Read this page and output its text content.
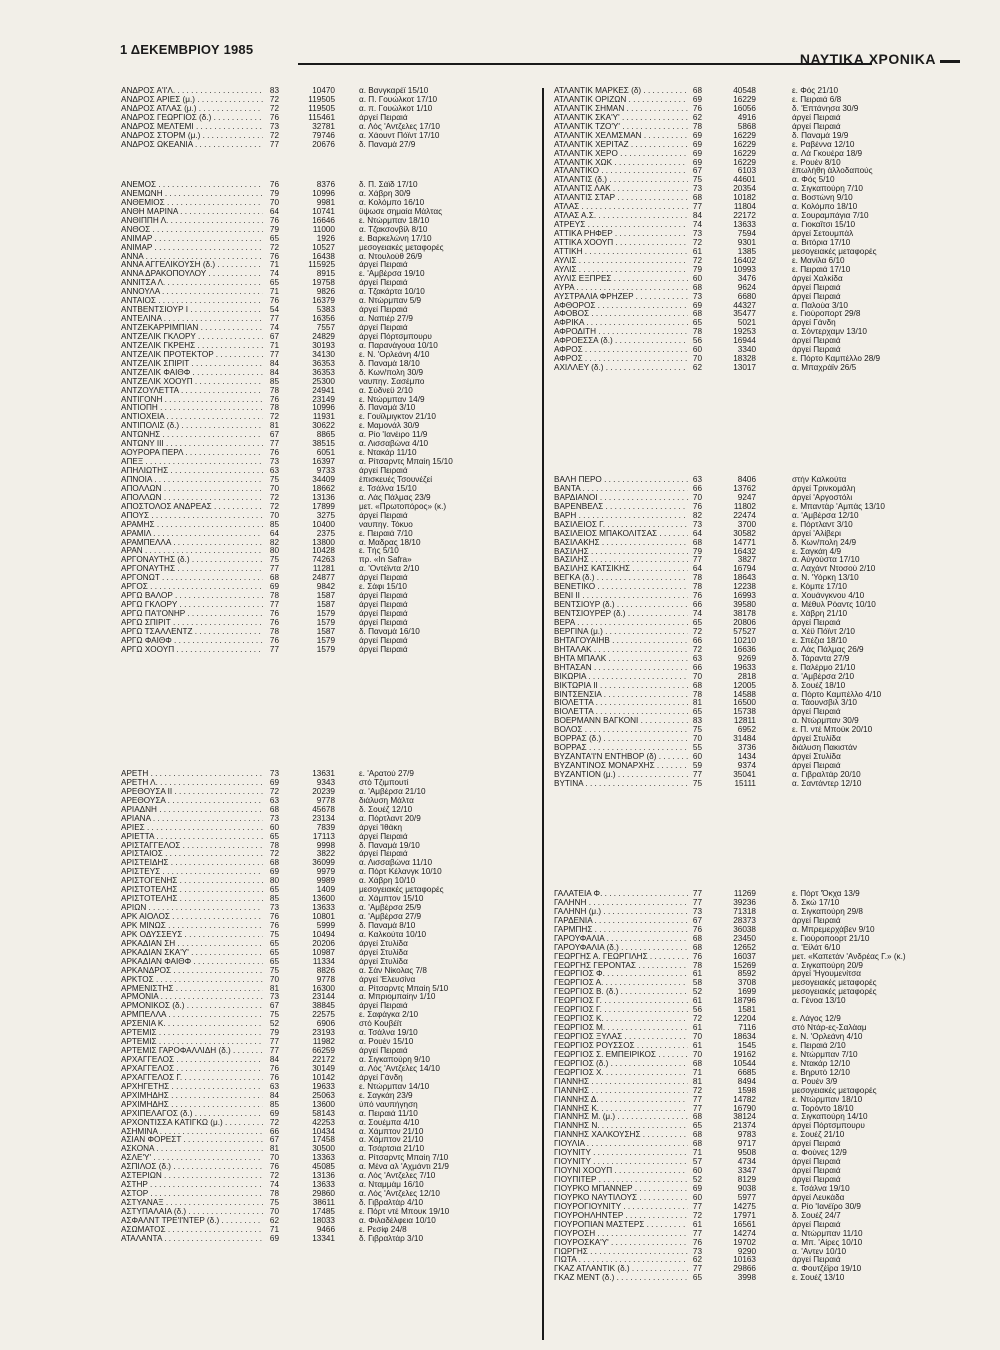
1 ΔΕΚΕΜΒΡΙΟΥ 1985
ΝΑΥΤΙΚΑ ΧΡΟΝΙΚΑ
ΑΝΔΡΟΣ Α'Ι'Λ. . . .	83	10470	α. Βανγκαρέϊ 15/10
ΑΝΔΡΟΣ ΑΡΙΕΣ (μ.) . . .	72	119505	α. Π. Γουώλκοτ 17/10
ΑΝΔΡΟΣ ΑΤΛΑΣ (μ.) . . .	72	119505	α. π. Γουώλκοτ 1/10
ΑΝΔΡΟΣ ΓΕΩΡΓΙΟΣ (δ.) . . .	76	115461	άργεί Πειραιά
ΑΝΔΡΟΣ ΜΕΛΤΕΜΙ . . .	73	32781	α. Λός 'Αντζελες 17/10
ΑΝΔΡΟΣ ΣΤΟΡΜ (μ.) . . .	72	79746	α. Χάουντ Πόϊντ 17/10
ΑΝΔΡΟΣ ΩΚΕΑΝΙΑ . . .	77	20676	δ. Παναμά 27/9
ΑΝΕΜΟΣ . . .	76	8376	δ. Π. Σάϊδ 17/10
ΑΝΕΜΩΝΗ . . .	79	10996	α. Χάβρη 30/9
ΑΝΘΕΜΙΟΣ . . .	70	9981	α. Κολόμπο 16/10
ΑΝΘΗ ΜΑΡΙΝΑ . . .	64	10741	ϋψωσε σημαία Μάλτας
ΑΝΘΙΠΠΗ Λ. . . .	76	16646	ε. Ντώρμπαν 18/10
ΑΝΘΟΣ . . .	79	11000	α. Τζακσονβίλ 8/10
ΑΝΙΜΑΡ . . .	65	1926	ε. Βαρκελώνη 17/10
ΑΝΙΜΑΡ . . .	72	10527	μεσογειακές μεταφορές
ΑΝΝΑ . . .	76	16438	α. Ντουλούθ 26/9
ΑΝΝΑ ΑΓΓΕΛΙΚΟΥΣΗ (δ.) . . .	71	115925	άργεί Πειραιά
ΑΝΝΑ ΔΡΑΚΟΠΟΥΛΟΥ . . .	74	8915	ε. 'Αμβέρσα 19/10
ΑΝΝΙΤΣΑ Λ. . . .	65	19758	άργεί Πειραιά
ΑΝΝΟΥΛΑ . . .	71	9826	α. Τζακάρτα 10/10
ΑΝΤΑΙΟΣ . . .	76	16379	α. Ντώρμπαν 5/9
ΑΝΤΒΕΝΤΣΙΟΥΡ Ι . . .	54	5383	άργεί Πειραιά
ΑΝΤΕΛΙΝΑ . . .	77	16356	α. Ναπιέρ 27/9
ΑΝΤΖΕΚΑΡΡΙΜΠΙΑΝ . . .	74	7557	άργεί Πειραιά
ΑΝΤΖΕΛΙΚ ΓΚΛΟΡΥ . . .	67	24829	άργεί Πόρτσμπουρυ
ΑΝΤΖΕΛΙΚ ΓΚΡΕΗΣ . . .	71	30193	α. Παρανάγουα 10/10
ΑΝΤΖΕΛΙΚ ΠΡΟΤΕΚΤΟΡ . . .	77	34130	ε. Ν. 'Ορλεάνη 4/10
ΑΝΤΖΕΛΙΚ ΣΠΙΡΙΤ . . .	84	36353	δ. Παναμά 18/10
ΑΝΤΖΕΛΙΚ ΦΑΙΘΦ . . .	84	36353	δ. Κων/πολη 30/9
ΑΝΤΖΕΛΙΚ ΧΟΟΥΠ . . .	85	25300	ναυπηγ. Σασέμπο
ΑΝΤΖΟΥΛΕΤΤΑ . . .	78	24941	α. Σύδνεϋ 2/10
ΑΝΤΙΓΟΝΗ . . .	76	23149	ε. Ντώρμπαν 14/9
ΑΝΤΙΟΠΗ . . .	78	10996	δ. Παναμά 3/10
ΑΝΤΙΟΧΕΙΑ . . .	72	11931	ε. Γουϊλμιγκτον 21/10
ΑΝΤΙΠΟΛΙΣ (δ.) . . .	81	30622	ε. Μαμονάλ 30/9
ΑΝΤΩΝΗΣ . . .	67	8865	α. Ρίο 'Ιανέιρο 11/9
ΑΝΤΩΝΥ ΙΙΙ . . .	77	38515	α. Λισσαβώνα 4/10
ΑΟΥΡΟΡΑ ΠΕΡΛ . . .	76	6051	ε. Ντακάρ 11/10
ΑΠΕΞ . . .	73	16397	α. Ρίτσαρντς Μπαίη 15/10
ΑΠΗΛΙΩΤΗΣ . . .	63	9733	άργεί Πειραιά
ΑΠΝΟΙΑ . . .	75	34409	έπισκευές Τσουνέζεί
ΑΠΟΛΛΩΝ . . .	70	18662	ε. Τσάλνα 15/10
ΑΠΟΛΛΩΝ . . .	72	13136	α. Λάς Πάλμας 23/9
ΑΠΟΣΤΟΛΟΣ ΑΝΔΡΕΑΣ . . .	72	17899	μετ. «Πρωτοπόρος» (κ.)
ΑΠΟΥΣ . . .	70	3275	άργεί Πειραιά
ΑΡΑΜΗΣ . . .	85	10400	ναυπηγ. Τόκυο
ΑΡΑΜΙΛ . . .	64	2375	ε. Πειραιά 7/10
ΑΡΑΜΠΕΛΛΑ . . .	82	13800	α. Μαδρας 18/10
ΑΡΑΝ . . .	80	10428	ε. Τής 5/10
ΑΡΓΟΝΑΥΤΗΣ (δ.) . . .	75	74263	πρ. «In Safra»
ΑΡΓΟΝΑΥΤΗΣ . . .	77	11281	α. 'Οντέϊντα 2/10
ΑΡΓΟΝΩΤ . . .	68	24877	άργεί Πειραιά
ΑΡΓΟΣ . . .	69	9842	ε. Σάφι 15/10
ΑΡΓΩ ΒΑΛΟΡ . . .	78	1587	άργεί Πειραιά
ΑΡΓΩ ΓΚΛΟΡΥ . . .	77	1587	άργεί Πειραιά
ΑΡΓΩ ΠΑ'Ι'ΟΝΗΡ . . .	76	1579	άργεί Πειραιά
ΑΡΓΩ ΣΠΙΡΙΤ . . .	76	1579	άργεί Πειραιά
ΑΡΓΩ ΤΣΑΛΛΕΝΤΖ . . .	78	1587	δ. Παναμά 16/10
ΑΡΓΩ ΦΑΙΘΦ . . .	76	1579	άργεί Πειραιά
ΑΡΓΩ ΧΟΟΥΠ . . .	77	1579	άργεί Πειραιά
ΑΡΕΤΗ . . .	73	13631	ε. 'Αρατού 27/9
ΑΡΕΤΗ Λ. . . .	69	9343	στό Τζιμπουτί
ΑΡΕΘΟΥΣΑ ΙΙ . . .	72	20239	α. 'Αμβέρσα 21/10
ΑΡΕΘΟΥΣΑ . . .	63	9778	διάλυση Μάλτα
ΑΡΙΑΔΝΗ . . .	68	45678	δ. Σουέζ 12/10
ΑΡΙΑΝΑ . . .	73	23134	α. Πόρτλαντ 20/9
ΑΡΙΕΣ . . .	60	7839	άργεί 'Ιθάκη
ΑΡΙΕΤΤΑ . . .	65	17113	άργεί Πειραιά
ΑΡΙΣΤΑΓΓΕΛΟΣ . . .	78	9998	δ. Παναμά 19/10
ΑΡΙΣΤΑΙΟΣ . . .	72	3822	άργεί Πειραιά
ΑΡΙΣΤΕΙΔΗΣ . . .	68	36099	α. Λισσαβώνα 11/10
ΑΡΙΣΤΕΥΣ . . .	69	9979	α. Πόρτ Κέλανγκ 10/10
ΑΡΙΣΤΟΓΕΝΗΣ . . .	80	9989	α. Χάβρη 10/10
ΑΡΙΣΤΟΤΕΛΗΣ . . .	65	1409	μεσογειακές μεταφορές
ΑΡΙΣΤΟΤΕΛΗΣ . . .	85	13600	α. Χάμπτον 15/10
ΑΡΙΩΝ . . .	73	13633	α. 'Αμβέρσα 25/9
ΑΡΚ ΑΙΟΛΟΣ . . .	76	10801	α. 'Αμβέρσα 27/9
ΑΡΚ ΜΙΝΩΣ . . .	76	5999	δ. Παναμά 8/10
ΑΡΚ ΟΔΥΣΣΕΥΣ . . .	75	10494	α. Καλκούτα 10/10
ΑΡΚΑΔΙΑΝ ΣΗ . . .	65	20206	άργεί Στυλίδα
ΑΡΚΑΔΙΑΝ ΣΚΑ'Υ' . . .	65	10987	άργεί Στυλίδα
ΑΡΚΑΔΙΑΝ ΦΑΙΘΦ . . .	65	11334	άργεί Στυλίδα
ΑΡΚΑΝΔΡΟΣ . . .	75	8826	α. Σάν Νίκολας 7/8
ΑΡΚΤΟΣ . . .	70	9778	άργεί 'Ελευσίνα
ΑΡΜΕΝΙΣΤΗΣ . . .	81	16300	α. Ρίτσαρντς Μπαίη 5/10
ΑΡΜΟΝΙΑ . . .	73	23144	α. Μπριομπαίην 1/10
ΑΡΜΟΝΙΚΟΣ (δ.) . . .	67	38845	άργεί Πειραιά
ΑΡΜΠΕΛΛΑ . . .	75	22575	ε. Σαφάγκα 2/10
ΑΡΣΕΝΙΑ Κ. . . .	52	6906	στό Κουβέϊτ
ΑΡΤΕΜΙΣ . . .	79	23193	α. Τσάλνα 19/10
ΑΡΤΕΜΙΣ . . .	77	11982	α. Ρουέν 15/10
ΑΡΤΕΜΙΣ ΓΑΡΟΦΑΛΛΙΔΗ (δ.) . . .	77	66259	άργεί Πειραιά
ΑΡΧΑΓΓΕΛΟΣ . . .	84	22172	α. Σιγκαπούρη 9/10
ΑΡΧΑΓΓΕΛΟΣ . . .	76	30149	α. Λός 'Αντζελες 14/10
ΑΡΧΑΓΓΕΛΟΣ Γ. . . .	76	10142	άργεί Γάνδη
ΑΡΧΗΓΕΤΗΣ . . .	63	19633	ε. Ντώρμπαν 14/10
ΑΡΧΙΜΗΔΗΣ . . .	84	25063	ε. Σαγκάη 23/9
ΑΡΧΙΜΗΔΗΣ . . .	85	13600	ύπό ναυπήγηση
ΑΡΧΙΠΕΛΑΓΟΣ (δ.) . . .	69	58143	α. Πειραιά 11/10
ΑΡΧΟΝΤΙΣΣΑ ΚΑΤΙΓΚΩ (μ.) . . .	72	42253	α. Σουέμπα 4/10
ΑΣΗΜΙΝΑ . . .	66	10434	α. Χάμπτον 21/10
ΑΣΙΑΝ ΦΟΡΕΣΤ . . .	67	17458	α. Χάμπτον 21/10
ΑΣΚΟΝΑ . . .	81	30500	α. Τσάρτσια 21/10
ΑΣΛΕ'Υ' . . .	70	13363	α. Ρίτσαρντς Μπαίη 7/10
ΑΣΠΙΛΟΣ (δ.) . . .	76	45085	α. Μένα αλ 'Αχμάντι 21/9
ΑΣΤΕΡΙΩΝ . . .	72	13136	α. Λός 'Αντζελες 7/10
ΑΣΤΗΡ . . .	74	13633	α. Νταμμάμ 16/10
ΑΣΤΟΡ . . .	78	29860	α. Λός 'Αντζελες 12/10
ΑΣΤΥΑΝΑΞ . . .	75	38611	δ. Γιβραλτάρ 4/10
ΑΣΤΥΠΑΛΑΙΑ (δ.) . . .	70	17485	ε. Πόρτ ντέ Μπουκ 19/10
ΑΣΦΑΛΝΤ ΤΡΕ'Ι'ΝΤΕΡ (δ.) . . .	62	18033	α. Φιλαδέλφεια 10/10
ΑΣΩΜΑΤΟΣ . . .	71	9466	ε. Ρεσίφ 24/8
ΑΤΑΛΑΝΤΑ . . .	69	13341	δ. Γιβραλτάρ 3/10
ΑΤΛΑΝΤΙΚ ΜΑΡΚΕΣ (δ) . . .	68	40548	ε. Φός 21/10
ΑΤΛΑΝΤΙΚ ΟΡΙΖΩΝ . . .	69	16229	ε. Πειραιά 6/8
ΑΤΛΑΝΤΙΚ ΣΗΜΑΝ . . .	76	16056	δ. 'Επτάνησα 30/9
ΑΤΛΑΝΤΙΚ ΣΚΑ'Υ' . . .	62	4916	άργεί Πειραιά
ΑΤΛΑΝΤΙΚ ΤΖΟ'Υ' . . .	78	5868	άργεί Πειραιά
ΑΤΛΑΝΤΙΚ ΧΕΛΜΣΜΑΝ . . .	69	16229	δ. Παναμά 19/9
ΑΤΛΑΝΤΙΚ ΧΕΡΙΤΑΖ . . .	69	16229	ε. Ραβέννα 12/10
ΑΤΛΑΝΤΙΚ ΧΕΡΟ . . .	69	16229	α. Λά Γκουέρα 18/9
ΑΤΛΑΝΤΙΚ ΧΩΚ . . .	69	16229	ε. Ρουέν 8/10
ΑΤΛΑΝΤΙΚΟ . . .	67	6103	έπωλήθη άλλοδαπούς
ΑΤΛΑΝΤΙΣ (δ.) . . .	75	44601	α. Φός 5/10
ΑΤΛΑΝΤΙΣ ΛΑΚ . . .	73	20354	α. Σιγκαπούρη 7/10
ΑΤΛΑΝΤΙΣ ΣΤΑΡ . . .	68	10182	α. Βοστώνη 9/10
ΑΤΛΑΣ . . .	77	11804	α. Κολόμπο 18/10
ΑΤΛΑΣ Α.Σ. . . .	84	22172	α. Σουραμπάγια 7/10
ΑΤΡΕΥΣ . . .	74	13633	α. Γιοκαΐτσι 15/10
ΑΤΤΙΚΑ ΡΗΦΕΡ . . .	73	7594	άργεί Σετουμπάλ
ΑΤΤΙΚΑ ΧΟΟΥΠ . . .	72	9301	α. Βιτόρια 17/10
ΑΤΤΙΚΗ . . .	61	1385	μεσογειακές μεταφορές
ΑΥΛΙΣ . . .	72	16402	ε. Μανίλα 6/10
ΑΥΛΙΣ . . .	79	10993	ε. Πειραιά 17/10
ΑΥΛΙΣ ΕΞΠΡΕΣ . . .	60	3476	άργεί Χαλκίδα
ΑΥΡΑ . . .	68	9624	άργεί Πειραιά
ΑΥΣΤΡΑΛΙΑ ΦΡΗΖΕΡ . . .	73	6680	άργεί Πειραιά
ΑΦΘΟΡΟΣ . . .	69	44327	α. Παλούα 3/10
ΑΦΟΒΟΣ . . .	68	35477	ε. Γιούροπορτ 29/8
ΑΦΡΙΚΑ . . .	65	5021	άργεί Γάνδη
ΑΦΡΟΔΙΤΗ . . .	78	19253	α. Σόντερχαμν 13/10
ΑΦΡΟΕΣΣΑ (δ.) . . .	56	16944	άργεί Πειραιά
ΑΦΡΟΣ . . .	60	3340	άργεί Πειραιά
ΑΦΡΟΣ . . .	70	18328	ε. Πόρτο Καμπέλλο 28/9
ΑΧΙΛΛΕΥ (δ.) . . .	62	13017	α. Μπαχράϊν 26/5
ΒΑΛΗ ΠΕΡΟ . . .	63	8406	στήν Καλκούτα
ΒΑΝΤΑ . . .	66	13762	άργεί Τρινκομάλη
ΒΑΡΔΙΑΝΟΙ . . .	70	9247	άργεί 'Αργοστόλι
ΒΑΡΕΝΒΕΛΣ . . .	76	11802	ε. Μπαντάρ 'Αμπάς 13/10
ΒΑΡΗ . . .	82	22474	α. 'Αμβέρσα 12/10
ΒΑΣΙΛΕΙΟΣ Γ. . . .	73	3700	ε. Πόρτλαντ 3/10
ΒΑΣΙΛΕΙΟΣ ΜΠΑΚΟΛΙΤΣΑΣ . . .	64	30582	άργεί 'Αλίβερι
ΒΑΣΙΛΑΚΗΣ . . .	68	14771	δ. Κων/πολη 24/9
ΒΑΣΙΛΗΣ . . .	79	16432	ε. Σαγκάη 4/9
ΒΑΣΙΛΗΣ . . .	77	3827	α. Αύγούστα 17/10
ΒΑΣΙΛΗΣ ΚΑΤΣΙΚΗΣ . . .	64	16794	α. Λαχάντ Ντοσού 2/10
ΒΕΓΚΑ (δ.) . . .	78	18643	α. Ν. 'Υόρκη 13/10
ΒΕΝΕΤΙΚΟ . . .	78	12238	ε. Κόμπε 17/10
ΒΕΝΙ ΙΙ . . .	76	16993	α. Χουάνγκνου 4/10
ΒΕΝΤΣΙΟΥΡ (δ.) . . .	66	39580	α. Μέθυλ Ρόαντς 10/10
ΒΕΝΤΣΙΟΥΡΕΡ (δ.) . . .	74	38178	ε. Χάβρη 21/10
ΒΕΡΑ . . .	65	20806	άργεί Πειραιά
ΒΕΡΓΙΝΑ (μ.) . . .	72	57527	α. Χέϋ Πόϊντ 2/10
ΒΗΤΑΓΟΥΑΙΗΒ . . .	66	10210	ε. Σπέζια 18/10
ΒΗΤΑΛΑΚ . . .	72	16636	α. Λάς Πάλμας 26/9
ΒΗΤΑ ΜΠΑΛΚ . . .	63	9269	δ. Τάραντα 27/9
ΒΗΤΑΣΑΝ . . .	66	19633	ε. Παλέρμο 21/10
ΒΙΚΩΡΙΑ . . .	70	2818	α. 'Αμβέρσα 2/10
ΒΙΚΤΩΡΙΑ ΙΙ . . .	68	12005	δ. Σουέζ 18/10
ΒΙΝΤΣΕΝΣΙΑ . . .	78	14588	α. Πόρτο Καμπέλλο 4/10
ΒΙΟΛΕΤΤΑ . . .	81	16500	α. Τάουνσβιλ 3/10
ΒΙΟΛΕΤΤΑ . . .	65	15738	άργεί Πειραιά
ΒΟΕΡΜΑΝΝ ΒΑΓΚΟΝΙ . . .	83	12811	α. Ντώρμπαν 30/9
ΒΟΛΟΣ . . .	75	6952	ε. Π. ντέ Μπούκ 20/10
ΒΟΡΡΑΣ (δ.) . . .	70	31484	άργεί Στυλίδα
ΒΟΡΡΑΣ . . .	55	3736	διάλυση Πακιστάν
ΒΥΖΑΝΤΑ'Ι'Ν ΕΝΤΗΒΟΡ (δ) . . .	60	1434	άργεί Στυλίδα
ΒΥΖΑΝΤΙΝΟΣ ΜΟΝΑΡΧΗΣ . . .	59	9374	άργεί Πειραιά
ΒΥΖΑΝΤΙΟΝ (μ.) . . .	77	35041	α. Γιβραλτάρ 20/10
ΒΥΤΙΝΑ . . .	75	15111	α. Σαντάντερ 12/10
ΓΑΛΑΤΕΙΑ Φ. . . .	77	11269	ε. Πόρτ 'Όκχα 13/9
ΓΑΛΗΝΗ . . .	77	39236	δ. Σκώ 17/10
ΓΑΛΗΝΗ (μ.) . . .	73	71318	α. Σιγκαπούρη 29/8
ΓΑΡΔΕΝΙΑ . . .	67	28373	άργεί Πειραιά
ΓΑΡΜΠΗΣ . . .	76	36038	α. Μπρεμερχάβεν 9/10
ΓΑΡΟΥΦΑΛΙΑ . . .	68	23450	ε. Γιούροποορτ 21/10
ΓΑΡΟΥΦΑΛΙΑ (δ.) . . .	68	12652	α. 'Είλάτ 6/10
ΓΕΩΡΓΗΣ Α. ΓΕΩΡΓΙΛΗΣ . . .	76	16037	μετ. «Καπετάν 'Ανδρέας Γ.» (κ.)
ΓΕΩΡΓΗΣ ΓΕΡΟΝΤΑΣ . . .	78	15269	α. Σιγκαπούρη 20/9
ΓΕΩΡΓΙΟΣ Φ. . . .	61	8592	άργεί 'Ηγουμενίτσα
ΓΕΩΡΓΙΟΣ Α. . . .	58	3708	μεσογειακές μεταφορές
ΓΕΩΡΓΙΟΣ Β. (δ.) . . .	52	1699	μεσογειακές μεταφορές
ΓΕΩΡΓΙΟΣ Γ. . . .	61	18796	α. Γένοα 13/10
ΓΕΩΡΓΙΟΣ Γ. . . .	56	1581
ΓΕΩΡΓΙΟΣ Κ. . . .	72	12204	ε. Λάγος 12/9
ΓΕΩΡΓΙΟΣ Μ. . . .	61	7116	στό Ντάρ-ες-Σαλάαμ
ΓΕΩΡΓΙΟΣ ΞΥΛΑΣ . . .	70	18634	ε. Ν. 'Ορλεάνη 4/10
ΓΕΩΡΓΙΟΣ ΡΟΥΣΣΟΣ . . .	61	1545	ε. Πειραιά 2/10
ΓΕΩΡΓΙΟΣ Σ. ΕΜΠΕΙΡΙΚΟΣ . . .	70	19162	ε. Ντώρμπαν 7/10
ΓΕΩΡΓΙΟΣ (δ.) . . .	68	10544	ε. Ντακάρ 12/10
ΓΕΩΡΓΙΟΣ Χ. . . .	71	6685	ε. Βηρυτό 12/10
ΓΙΑΝΝΗΣ . . .	81	8494	α. Ρουέν 3/9
ΓΙΑΝΝΗΣ . . .	72	1598	μεσογειακές μεταφορές
ΓΙΑΝΝΗΣ Δ. . . .	77	14782	ε. Ντώρμπαν 18/10
ΓΙΑΝΝΗΣ Κ. . . .	77	16790	α. Τορόντο 18/10
ΓΙΑΝΝΗΣ Μ. (μ.) . . .	68	38124	α. Σιγκαπούρη 14/10
ΓΙΑΝΝΗΣ Ν. . . .	65	21374	άργεί Πόρτσμπουρυ
ΓΙΑΝΝΗΣ ΧΑΛΚΟΥΣΗΣ . . .	68	9783	ε. Σουέζ 21/10
ΓΙΟΥΛΙΑ . . .	68	9717	άργεί Πειραιά
ΓΙΟΥΝΙΤΥ . . .	71	9508	α. Φούνες 12/9
ΓΙΟΥΝΙΤΥ . . .	57	4734	άργεί Πειραιά
ΓΙΟΥΝΙ ΧΟΟΥΠ . . .	60	3347	άργεί Πειραιά
ΓΙΟΥΠΙΤΕΡ . . .	52	8129	άργεί Πειραιά
ΓΙΟΥΡΚΟ ΜΠΑΝΝΕΡ . . .	69	9038	ε. Τσάλνα 19/10
ΓΙΟΥΡΚΟ ΝΑΥΤΙΛΟΥΣ . . .	60	5977	άργεί Λευκάδα
ΓΙΟΥΡΟΓΙΟΥΝΙΤΥ . . .	77	14275	α. Ρίο 'Ιανέϊρο 30/9
ΓΙΟΥΡΟΗΛΗΝΤΕΡ . . .	72	17971	δ. Σουέζ 24/7
ΓΙΟΥΡΟΠΙΑΝ ΜΑΣΤΕΡΣ . . .	61	16561	άργεί Πειραιά
ΓΙΟΥΡΟΣΗ . . .	77	14274	α. Ντώρμπαν 11/10
ΓΙΟΥΡΟΣΚΑ'Υ' . . .	76	19702	α. Μπ. 'Αίρες 10/10
ΓΙΩΡΓΗΣ . . .	73	9290	α. 'Αντεν 10/10
ΓΙΩΤΑ . . .	62	10163	άργεί Πειραιά
ΓΚΑΖ ΑΤΛΑΝΤΙΚ (δ.) . . .	77	29866	α. Φουτζέϊρα 19/10
ΓΚΑΖ ΜΕΝΤ (δ.) . . .	65	3998	ε. Σουέζ 13/10
